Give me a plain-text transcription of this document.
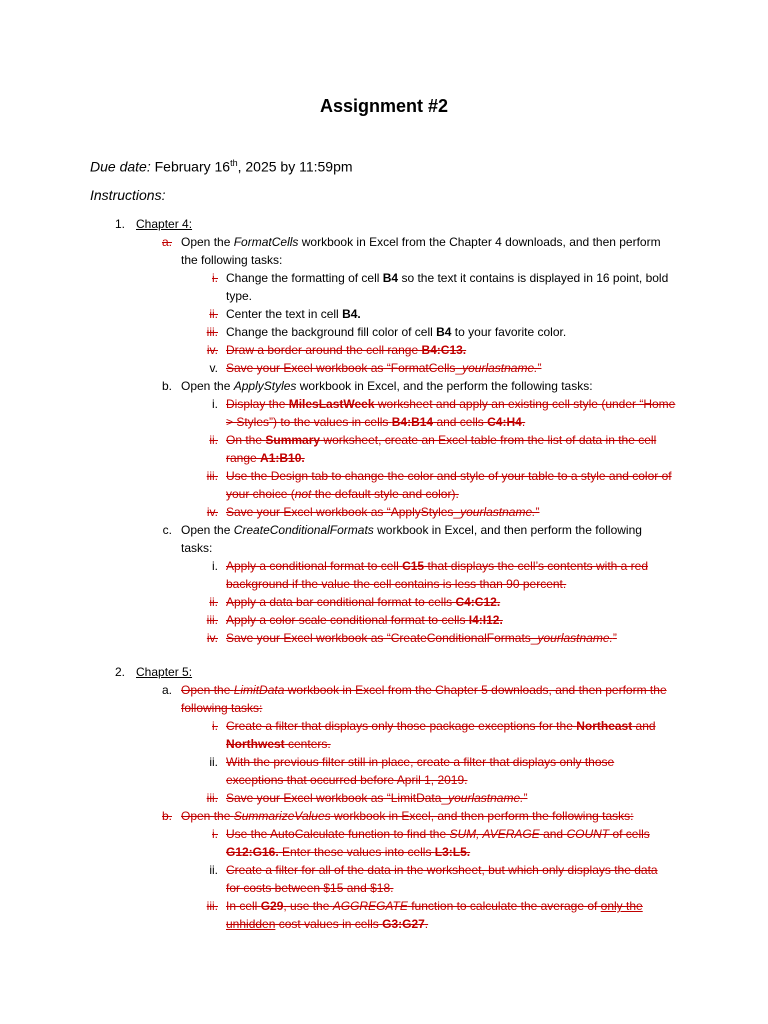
Assignment #2
Due date: February 16th, 2025 by 11:59pm
Instructions:
1. Chapter 4:
a. Open the FormatCells workbook in Excel from the Chapter 4 downloads, and then perform
the following tasks:
i. Change the formatting of cell B4 so the text it contains is displayed in 16 point, bold
type.
ii. Center the text in cell B4.
iii. Change the background fill color of cell B4 to your favorite color.
iv. Draw a border around the cell range B4:C13.
v. Save your Excel workbook as “FormatCells_yourlastname.”
b. Open the ApplyStyles workbook in Excel, and the perform the following tasks:
i. Display the MilesLastWeek worksheet and apply an existing cell style (under “Home
> Styles”) to the values in cells B4:B14 and cells C4:H4.
ii. On the Summary worksheet, create an Excel table from the list of data in the cell
range A1:B10.
iii. Use the Design tab to change the color and style of your table to a style and color of
your choice (not the default style and color).
iv. Save your Excel workbook as “ApplyStyles_yourlastname.”
c. Open the CreateConditionalFormats workbook in Excel, and then perform the following
tasks:
i. Apply a conditional format to cell C15 that displays the cell’s contents with a red
background if the value the cell contains is less than 90 percent.
ii. Apply a data bar conditional format to cells C4:C12.
iii. Apply a color scale conditional format to cells I4:I12.
iv. Save your Excel workbook as “CreateConditionalFormats_yourlastname.”
2. Chapter 5:
a. Open the LimitData workbook in Excel from the Chapter 5 downloads, and then perform the
following tasks:
i. Create a filter that displays only those package exceptions for the Northeast and
Northwest centers.
ii. With the previous filter still in place, create a filter that displays only those
exceptions that occurred before April 1, 2019.
iii. Save your Excel workbook as “LimitData_yourlastname.”
b. Open the SummarizeValues workbook in Excel, and then perform the following tasks:
i. Use the AutoCalculate function to find the SUM, AVERAGE and COUNT of cells
G12:G16. Enter these values into cells L3:L5.
ii. Create a filter for all of the data in the worksheet, but which only displays the data
for costs between $15 and $18.
iii. In cell G29, use the AGGREGATE function to calculate the average of only the
unhidden cost values in cells G3:G27.
